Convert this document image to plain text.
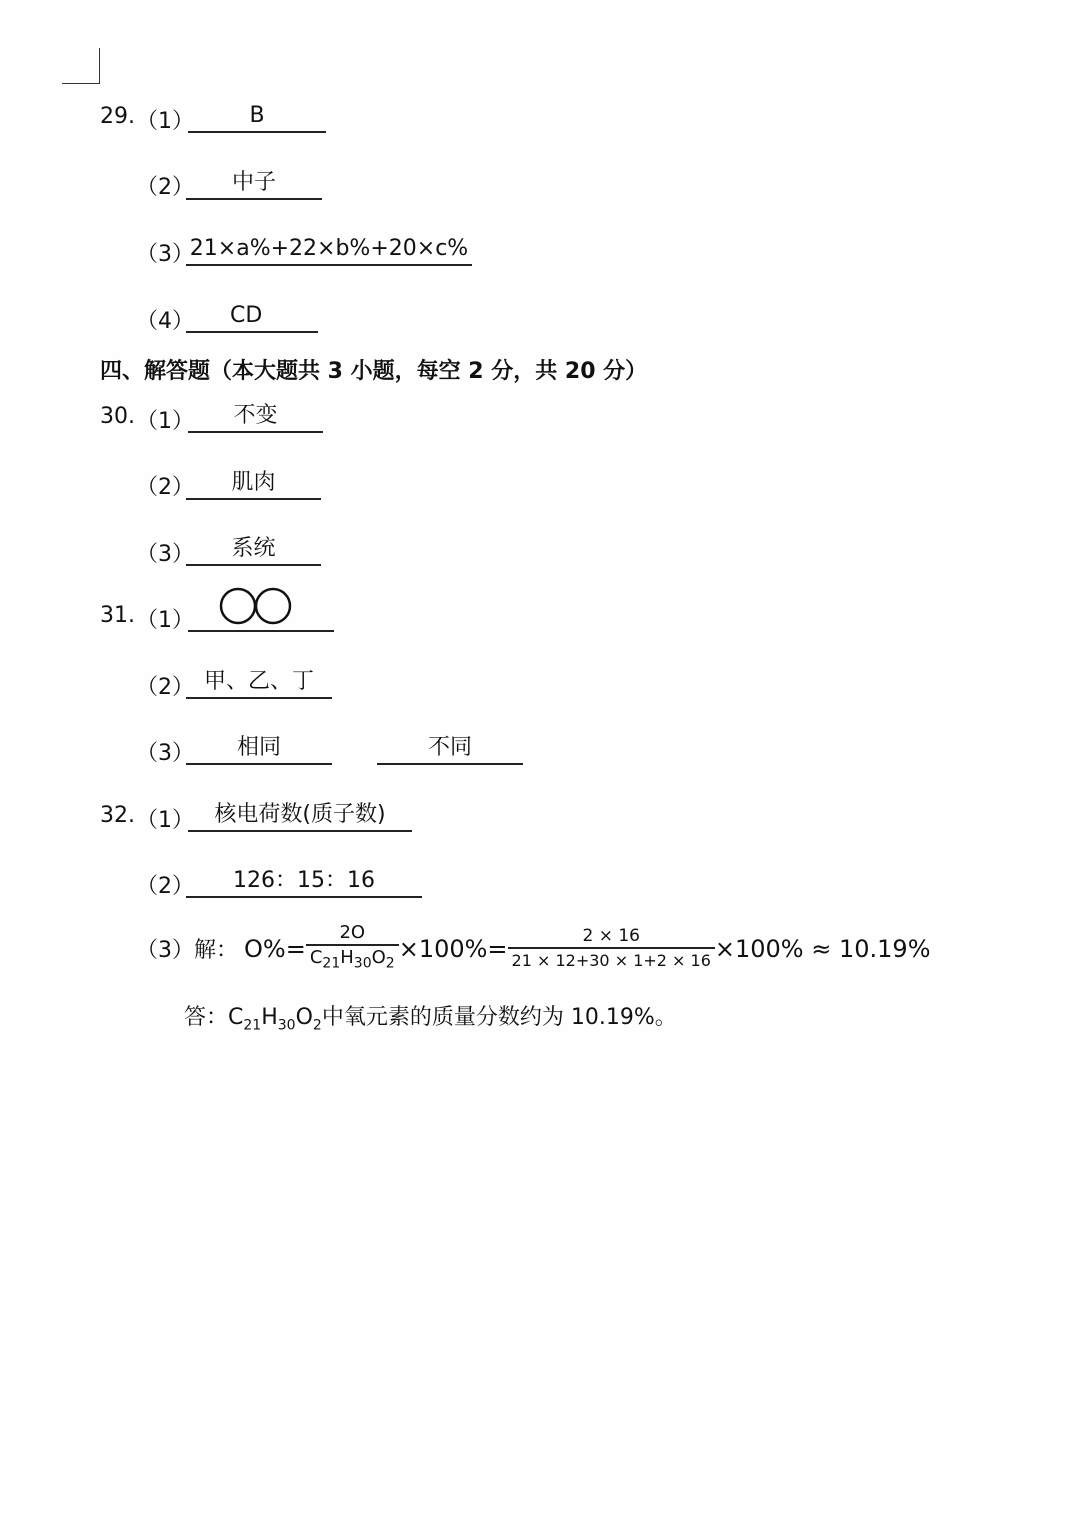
29. （1）	B
（2）	中子
（3）
21×a%+22×b%+20×c%
（4）	CD
四、解答题（本大题共 3 小题，每空 2 分，共 20 分）
30. （1）	不变
（2）	肌肉
（3）	系统
31. （1）
（2） 甲、乙、丁
（3）	相同	不同
32. （1） 核电荷数(质子数)
（2）	126：15：16
（3） 解： $O\%= \frac{2O}{C_{21}H_{30}O_2} \times 100\%= \frac{2 \times 16}{21 \times 12+30 \times 1+2 \times 16} \times 100\% \approx 10.19\%$
答：$C_{21}H_{30}O_2$中氧元素的质量分数约为 10.19%。
